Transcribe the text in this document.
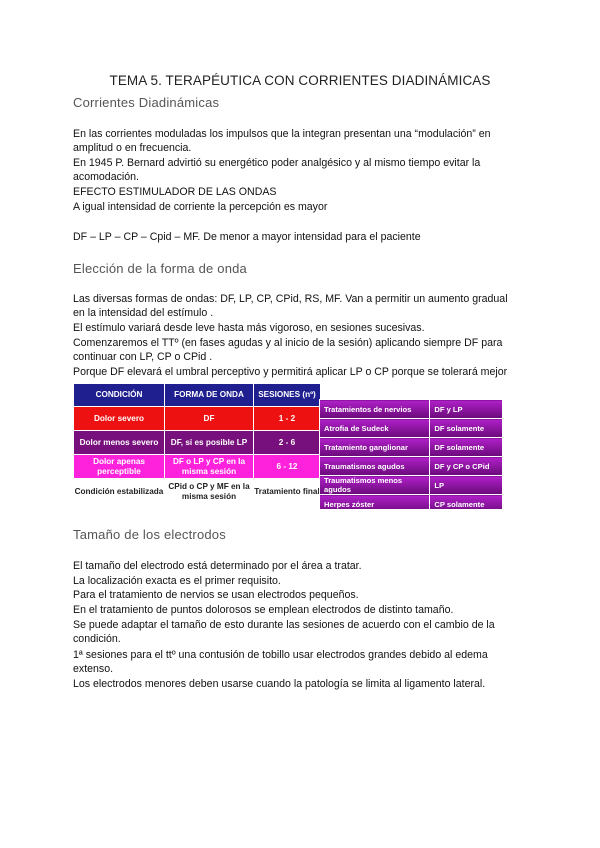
TEMA 5. TERAPÉUTICA CON CORRIENTES DIADINÁMICAS
Corrientes Diadinámicas
En las corrientes moduladas los impulsos que la integran presentan una “modulación” en
amplitud o en frecuencia.
En 1945 P. Bernard advirtió su energético poder analgésico y al mismo tiempo evitar la
acomodación.
EFECTO ESTIMULADOR DE LAS ONDAS
A igual intensidad de corriente la percepción es mayor
DF – LP – CP – Cpid – MF. De menor a mayor intensidad para el paciente
Elección de la forma de onda
Las diversas formas de ondas: DF, LP, CP, CPid, RS, MF. Van a permitir un aumento gradual
en la intensidad del estímulo .
El estímulo variará desde leve hasta más vigoroso, en sesiones sucesivas.
Comenzaremos el TTº (en fases agudas y al inicio de la sesión) aplicando siempre DF para
continuar con LP, CP o CPid .
Porque DF elevará el umbral perceptivo y permitirá aplicar LP o CP porque se tolerará mejor
CONDICIÓN	FORMA DE ONDA	SESIONES (nº)
Dolor severo	DF	1 - 2
Dolor menos severo	DF, si es posible LP	2 - 6
Dolor apenas perceptible	DF o LP y CP en la misma sesión	6 - 12
Condición estabilizada	CPid o CP y MF en la misma sesión	Tratamiento final
Tratamientos de nervios	DF y LP
Atrofia de Sudeck	DF solamente
Tratamiento ganglionar	DF solamente
Traumatismos agudos	DF y CP o CPid
Traumatismos menos agudos	LP
Herpes zóster	CP solamente
Tamaño de los electrodos
El tamaño del electrodo está determinado por el área a tratar.
La localización exacta es el primer requisito.
Para el tratamiento de nervios se usan electrodos pequeños.
En el tratamiento de puntos dolorosos se emplean electrodos de distinto tamaño.
Se puede adaptar el tamaño de esto durante las sesiones de acuerdo con el cambio de la
condición.
1ª sesiones para el ttº una contusión de tobillo usar electrodos grandes debido al edema
extenso.
Los electrodos menores deben usarse cuando la patología se limita al ligamento lateral.
